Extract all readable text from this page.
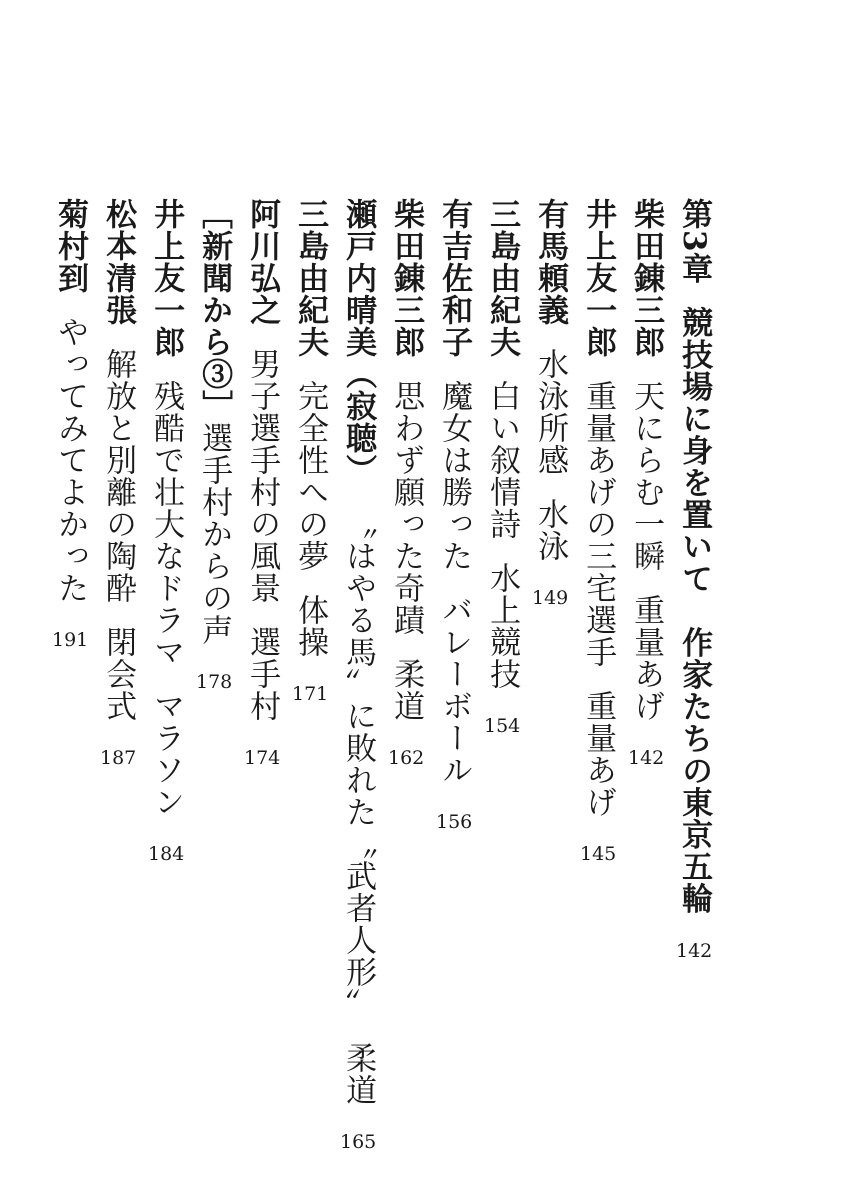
第3章競技場に身を置いて　作家たちの東京五輪142
柴田錬三郎天にらむ一瞬重量あげ142
井上友一郎重量あげの三宅選手重量あげ145
有馬頼義水泳所感水泳149
三島由紀夫白い叙情詩水上競技154
有吉佐和子魔女は勝ったバレーボール156
柴田錬三郎思わず願った奇蹟柔道162
瀬戸内晴美（寂聴）〝はやる馬〟に敗れた〝武者人形〟柔道165
三島由紀夫完全性への夢体操171
阿川弘之男子選手村の風景選手村174
［新聞から③］選手村からの声178
井上友一郎残酷で壮大なドラママラソン184
松本清張解放と別離の陶酔閉会式187
菊村到やってみてよかった191
